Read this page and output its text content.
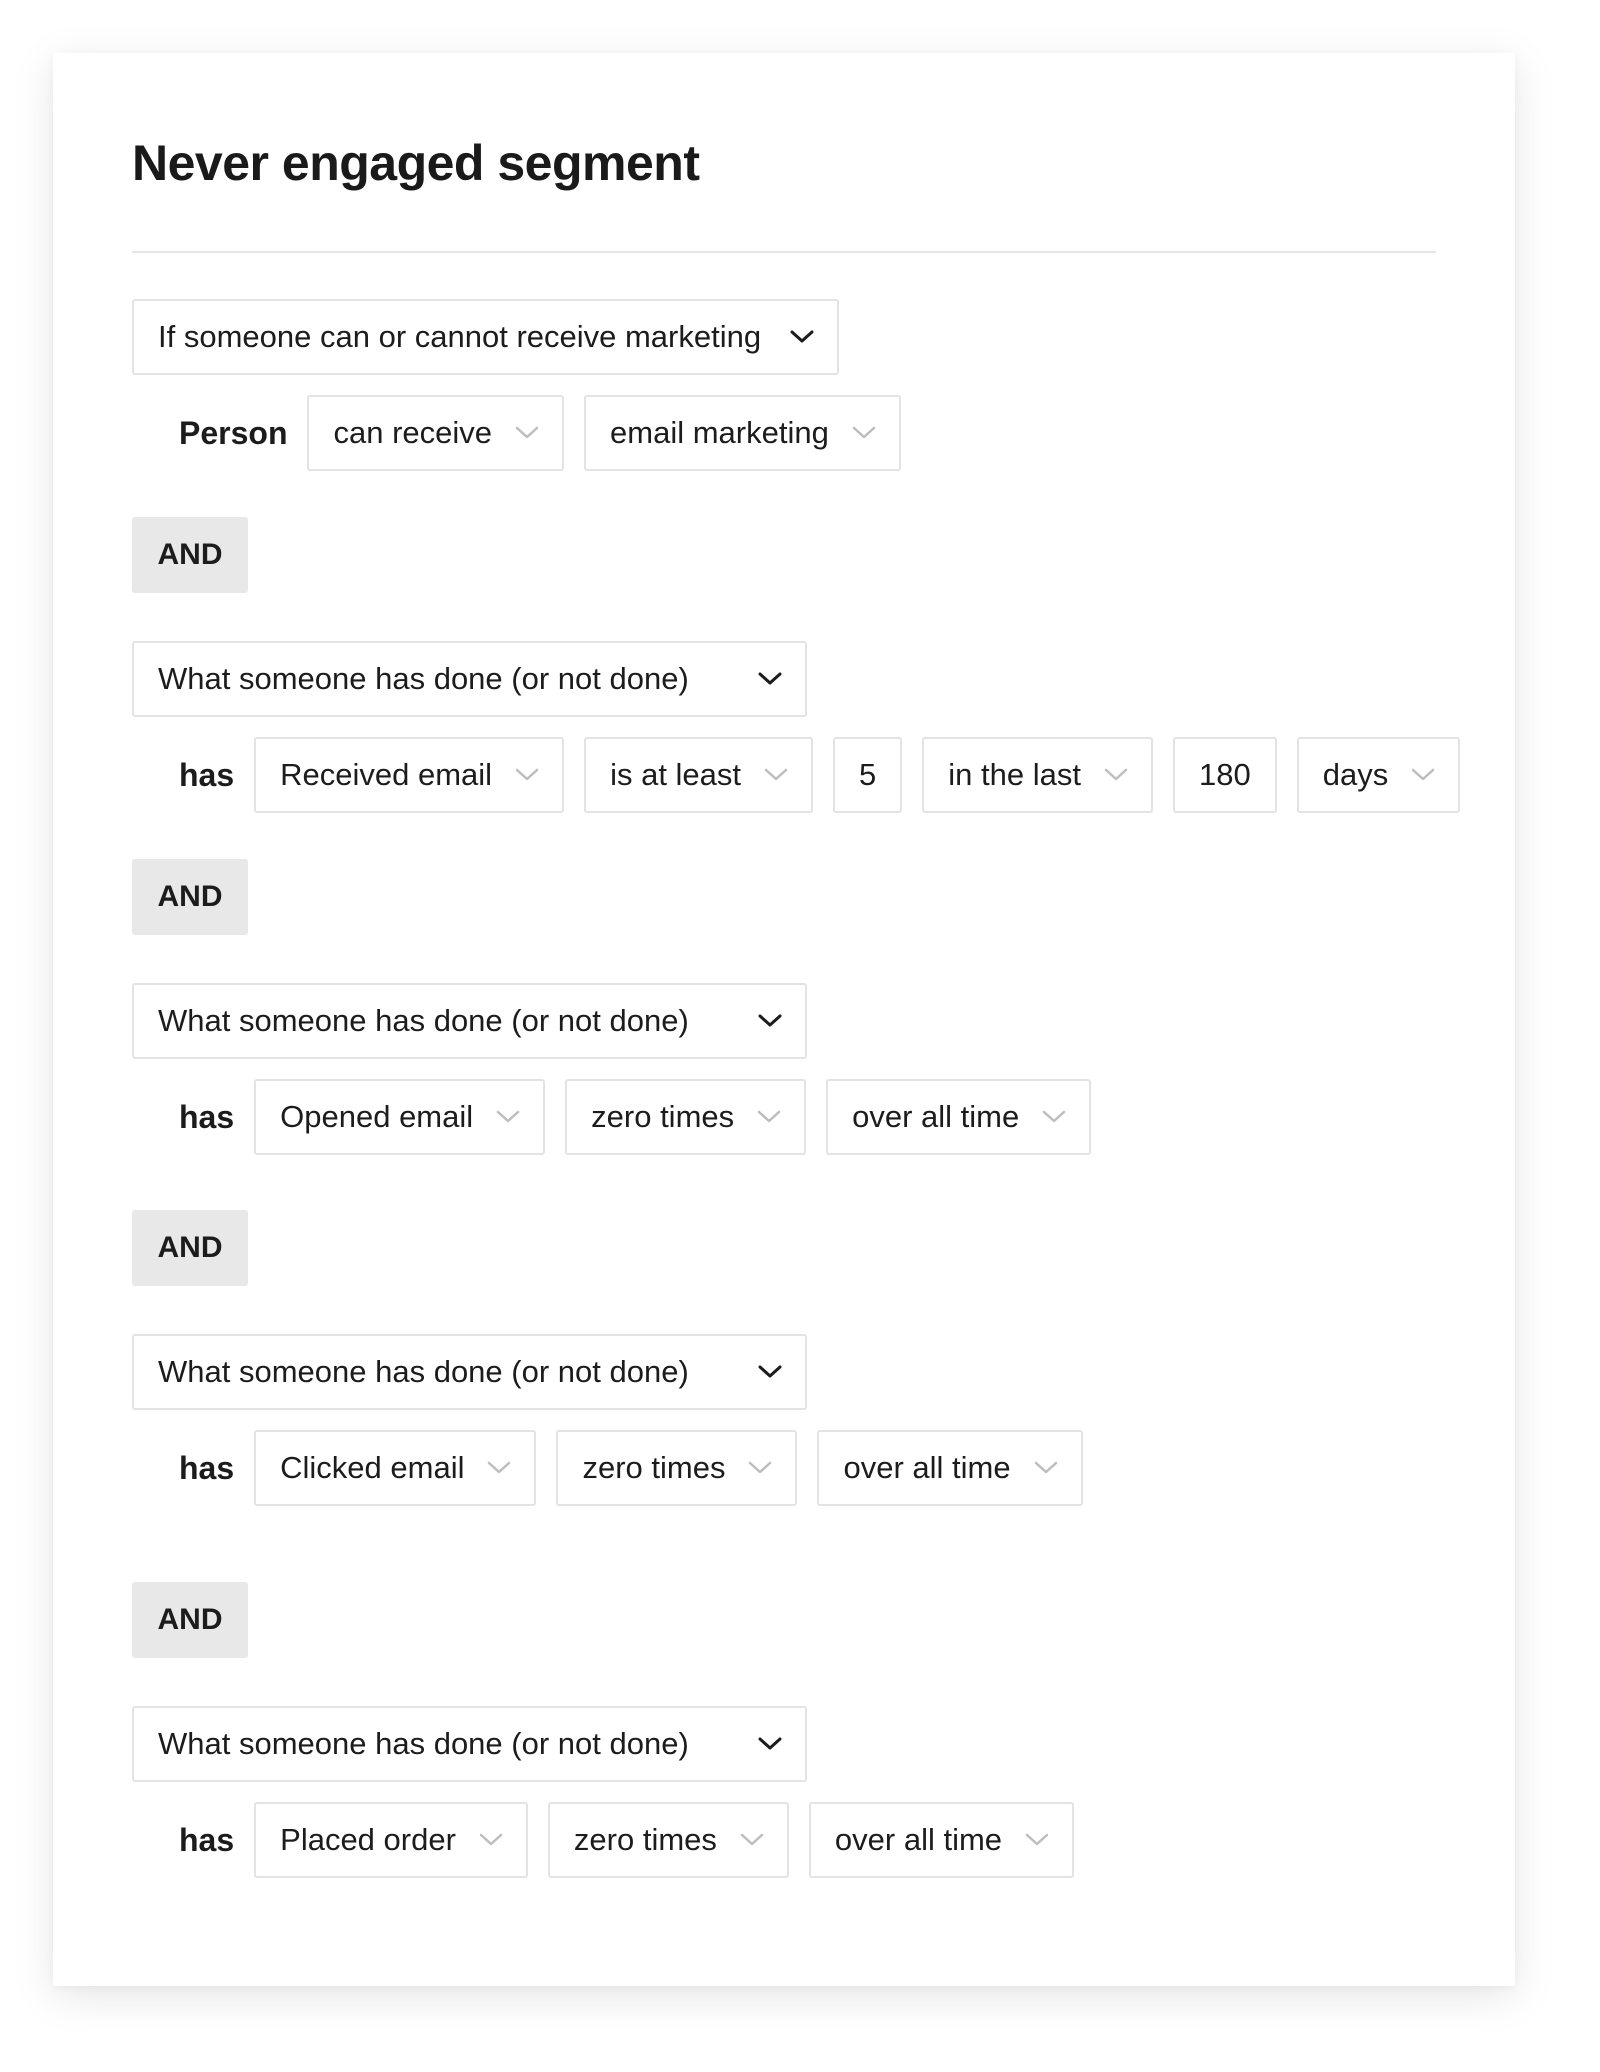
Never engaged segment
If someone can or cannot receive marketing
Person can receive	email marketing
AND
What someone has done (or not done)
has Received email	is at least	5	in the last	180	days
AND
What someone has done (or not done)
has Opened email	zero times	over all time
AND
What someone has done (or not done)
has Clicked email	zero times	over all time
AND
What someone has done (or not done)
has Placed order	zero times	over all time
